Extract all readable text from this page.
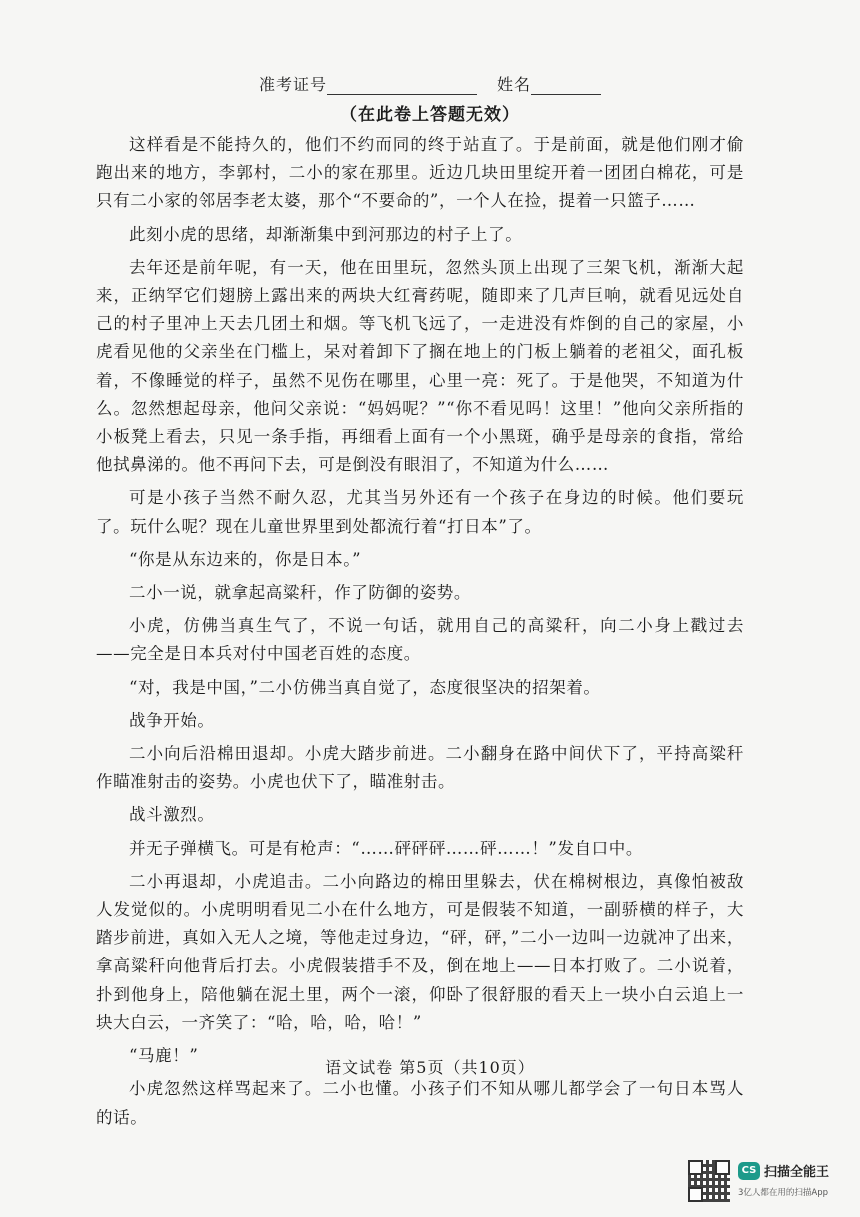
准考证号	姓名
（在此卷上答题无效）

这样看是不能持久的，他们不约而同的终于站直了。于是前面，就是他们刚才偷跑出来的地方，李郭村，二小的家在那里。近边几块田里绽开着一团团白棉花，可是只有二小家的邻居李老太婆，那个“不要命的”，一个人在捡，提着一只篮子……

此刻小虎的思绪，却渐渐集中到河那边的村子上了。

去年还是前年呢，有一天，他在田里玩，忽然头顶上出现了三架飞机，渐渐大起来，正纳罕它们翅膀上露出来的两块大红膏药呢，随即来了几声巨响，就看见远处自己的村子里冲上天去几团土和烟。等飞机飞远了，一走进没有炸倒的自己的家屋，小虎看见他的父亲坐在门槛上，呆对着卸下了搁在地上的门板上躺着的老祖父，面孔板着，不像睡觉的样子，虽然不见伤在哪里，心里一亮：死了。于是他哭，不知道为什么。忽然想起母亲，他问父亲说：“妈妈呢？”“你不看见吗！这里！”他向父亲所指的小板凳上看去，只见一条手指，再细看上面有一个小黑斑，确乎是母亲的食指，常给他拭鼻涕的。他不再问下去，可是倒没有眼泪了，不知道为什么……

可是小孩子当然不耐久忍，尤其当另外还有一个孩子在身边的时候。他们要玩了。玩什么呢？现在儿童世界里到处都流行着“打日本”了。

“你是从东边来的，你是日本。”

二小一说，就拿起高粱秆，作了防御的姿势。

小虎，仿佛当真生气了，不说一句话，就用自己的高粱秆，向二小身上戳过去——完全是日本兵对付中国老百姓的态度。

“对，我是中国，”二小仿佛当真自觉了，态度很坚决的招架着。

战争开始。

二小向后沿棉田退却。小虎大踏步前进。二小翻身在路中间伏下了，平持高粱秆作瞄准射击的姿势。小虎也伏下了，瞄准射击。

战斗激烈。

并无子弹横飞。可是有枪声：“……砰砰砰……砰……！”发自口中。

二小再退却，小虎追击。二小向路边的棉田里躲去，伏在棉树根边，真像怕被敌人发觉似的。小虎明明看见二小在什么地方，可是假装不知道，一副骄横的样子，大踏步前进，真如入无人之境，等他走过身边，“砰，砰，”二小一边叫一边就冲了出来，拿高粱秆向他背后打去。小虎假装措手不及，倒在地上——日本打败了。二小说着，扑到他身上，陪他躺在泥土里，两个一滚，仰卧了很舒服的看天上一块小白云追上一块大白云，一齐笑了：“哈，哈，哈，哈！”

“马鹿！”

小虎忽然这样骂起来了。二小也懂。小孩子们不知从哪儿都学会了一句日本骂人的话。

语文试卷 第5页（共10页）
CS 扫描全能王
3亿人都在用的扫描App
